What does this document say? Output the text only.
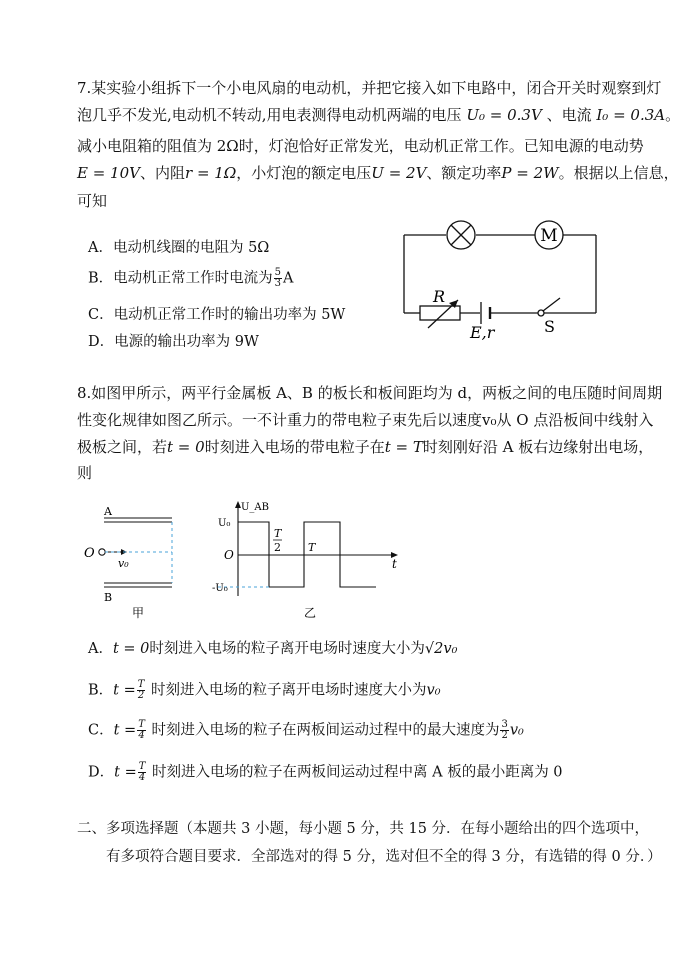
7.某实验小组拆下一个小电风扇的电动机，并把它接入如下电路中，闭合开关时观察到灯
泡几乎不发光,电动机不转动,用电表测得电动机两端的电压 U₀ = 0.3V 、电流 I₀ = 0.3A。
减小电阻箱的阻值为 2Ω时，灯泡恰好正常发光，电动机正常工作。已知电源的电动势
E = 10V、内阻r = 1Ω，小灯泡的额定电压U = 2V、额定功率P = 2W。根据以上信息，
可知
A．电动机线圈的电阻为 5Ω
B．电动机正常工作时电流为 $\frac{5}{3}$ A
C．电动机正常工作时的输出功率为 5W
D．电源的输出功率为 9W
M
R
E,r	S
8.如图甲所示，两平行金属板 A、B 的板长和板间距均为 d，两板之间的电压随时间周期
性变化规律如图乙所示。一不计重力的带电粒子束先后以速度v₀从 O 点沿板间中线射入
极板之间，若t = 0时刻进入电场的带电粒子在t = T时刻刚好沿 A 板右边缘射出电场，
则
A
B
O
v₀
甲
U_AB
U₀
-U₀
O
T
2 T
t
乙
A．t = 0时刻进入电场的粒子离开电场时速度大小为√2v₀
B．$t = \frac{T}{2}$ 时刻进入电场的粒子离开电场时速度大小为v₀
C．$t = \frac{T}{4}$ 时刻进入电场的粒子在两板间运动过程中的最大速度为 $\frac{3}{2} v_0$
D．$t = \frac{T}{4}$ 时刻进入电场的粒子在两板间运动过程中离 A 板的最小距离为 0
二、多项选择题（本题共 3 小题，每小题 5 分，共 15 分．在每小题给出的四个选项中，
有多项符合题目要求．全部选对的得 5 分，选对但不全的得 3 分，有选错的得 0 分．）
